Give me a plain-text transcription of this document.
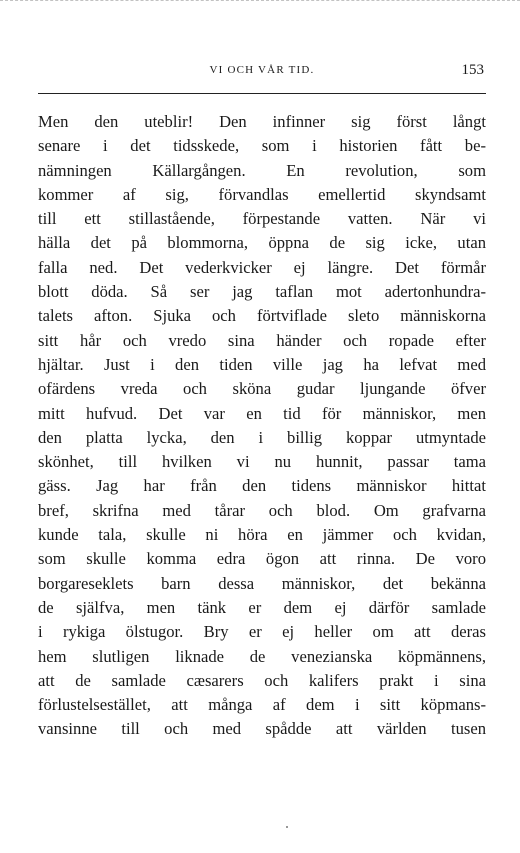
VI OCH VÅR TID.	153
Men den uteblir! Den infinner sig först långt
senare i det tidsskede, som i historien fått be-
nämningen Källargången. En revolution, som
kommer af sig, förvandlas emellertid skyndsamt
till ett stillastående, förpestande vatten. När vi
hälla det på blommorna, öppna de sig icke, utan
falla ned. Det vederkvicker ej längre. Det förmår
blott döda. Så ser jag taflan mot adertonhundra-
talets afton. Sjuka och förtviflade sleto människorna
sitt hår och vredo sina händer och ropade efter
hjältar. Just i den tiden ville jag ha lefvat med
ofärdens vreda och sköna gudar ljungande öfver
mitt hufvud. Det var en tid för människor, men
den platta lycka, den i billig koppar utmyntade
skönhet, till hvilken vi nu hunnit, passar tama
gäss. Jag har från den tidens människor hittat
bref, skrifna med tårar och blod. Om grafvarna
kunde tala, skulle ni höra en jämmer och kvidan,
som skulle komma edra ögon att rinna. De voro
borgareseklets barn dessa människor, det bekänna
de själfva, men tänk er dem ej därför samlade
i rykiga ölstugor. Bry er ej heller om att deras
hem slutligen liknade de venezianska köpmännens,
att de samlade cæsarers och kalifers prakt i sina
förlustelsestället, att många af dem i sitt köpmans-
vansinne till och med spådde att världen tusen
